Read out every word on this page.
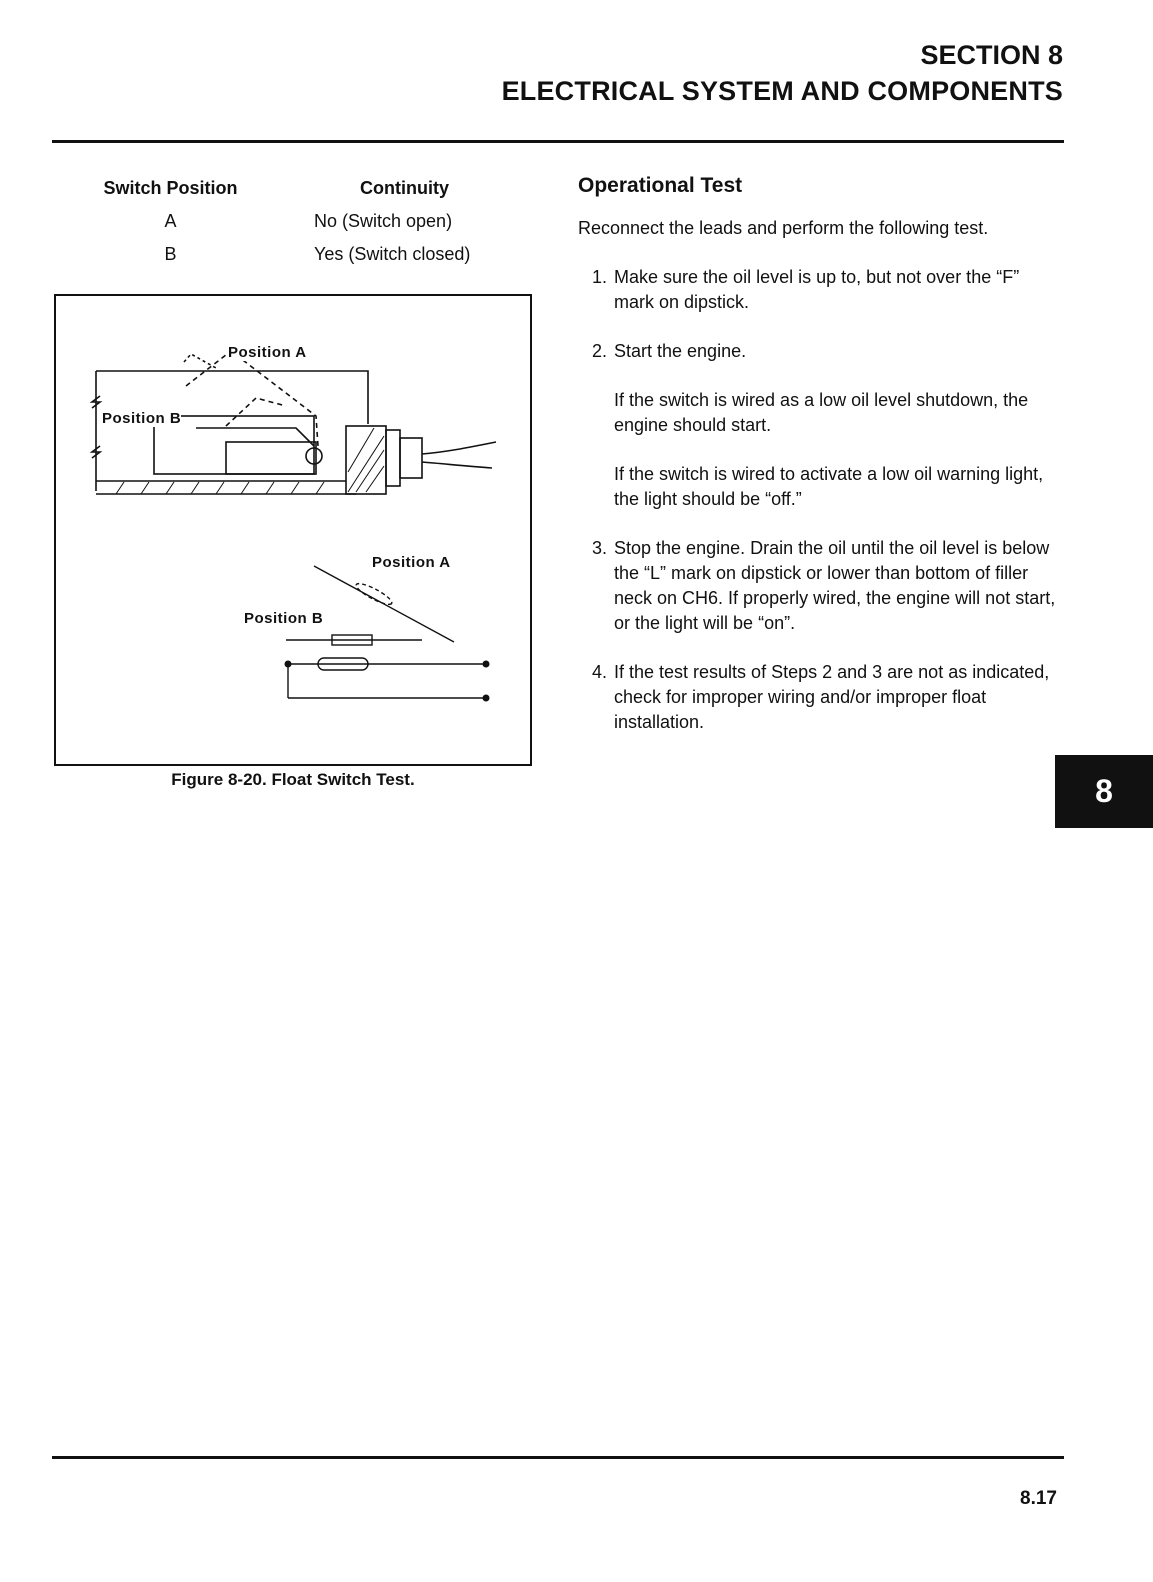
SECTION 8
ELECTRICAL SYSTEM AND COMPONENTS
Switch Position	Continuity
A	No (Switch open)
B	Yes (Switch closed)
Position A
Position B
Position A
Position B
Figure 8-20. Float Switch Test.
Operational Test

Reconnect the leads and perform the following test.

1. Make sure the oil level is up to, but not over the “F” mark on dipstick.

2. Start the engine.

If the switch is wired as a low oil level shutdown, the engine should start.

If the switch is wired to activate a low oil warning light, the light should be “off.”

3. Stop the engine. Drain the oil until the oil level is below the “L” mark on dipstick or lower than bottom of filler neck on CH6. If properly wired, the engine will not start, or the light will be “on”.

4. If the test results of Steps 2 and 3 are not as indicated, check for improper wiring and/or improper float installation.

8
8.17
